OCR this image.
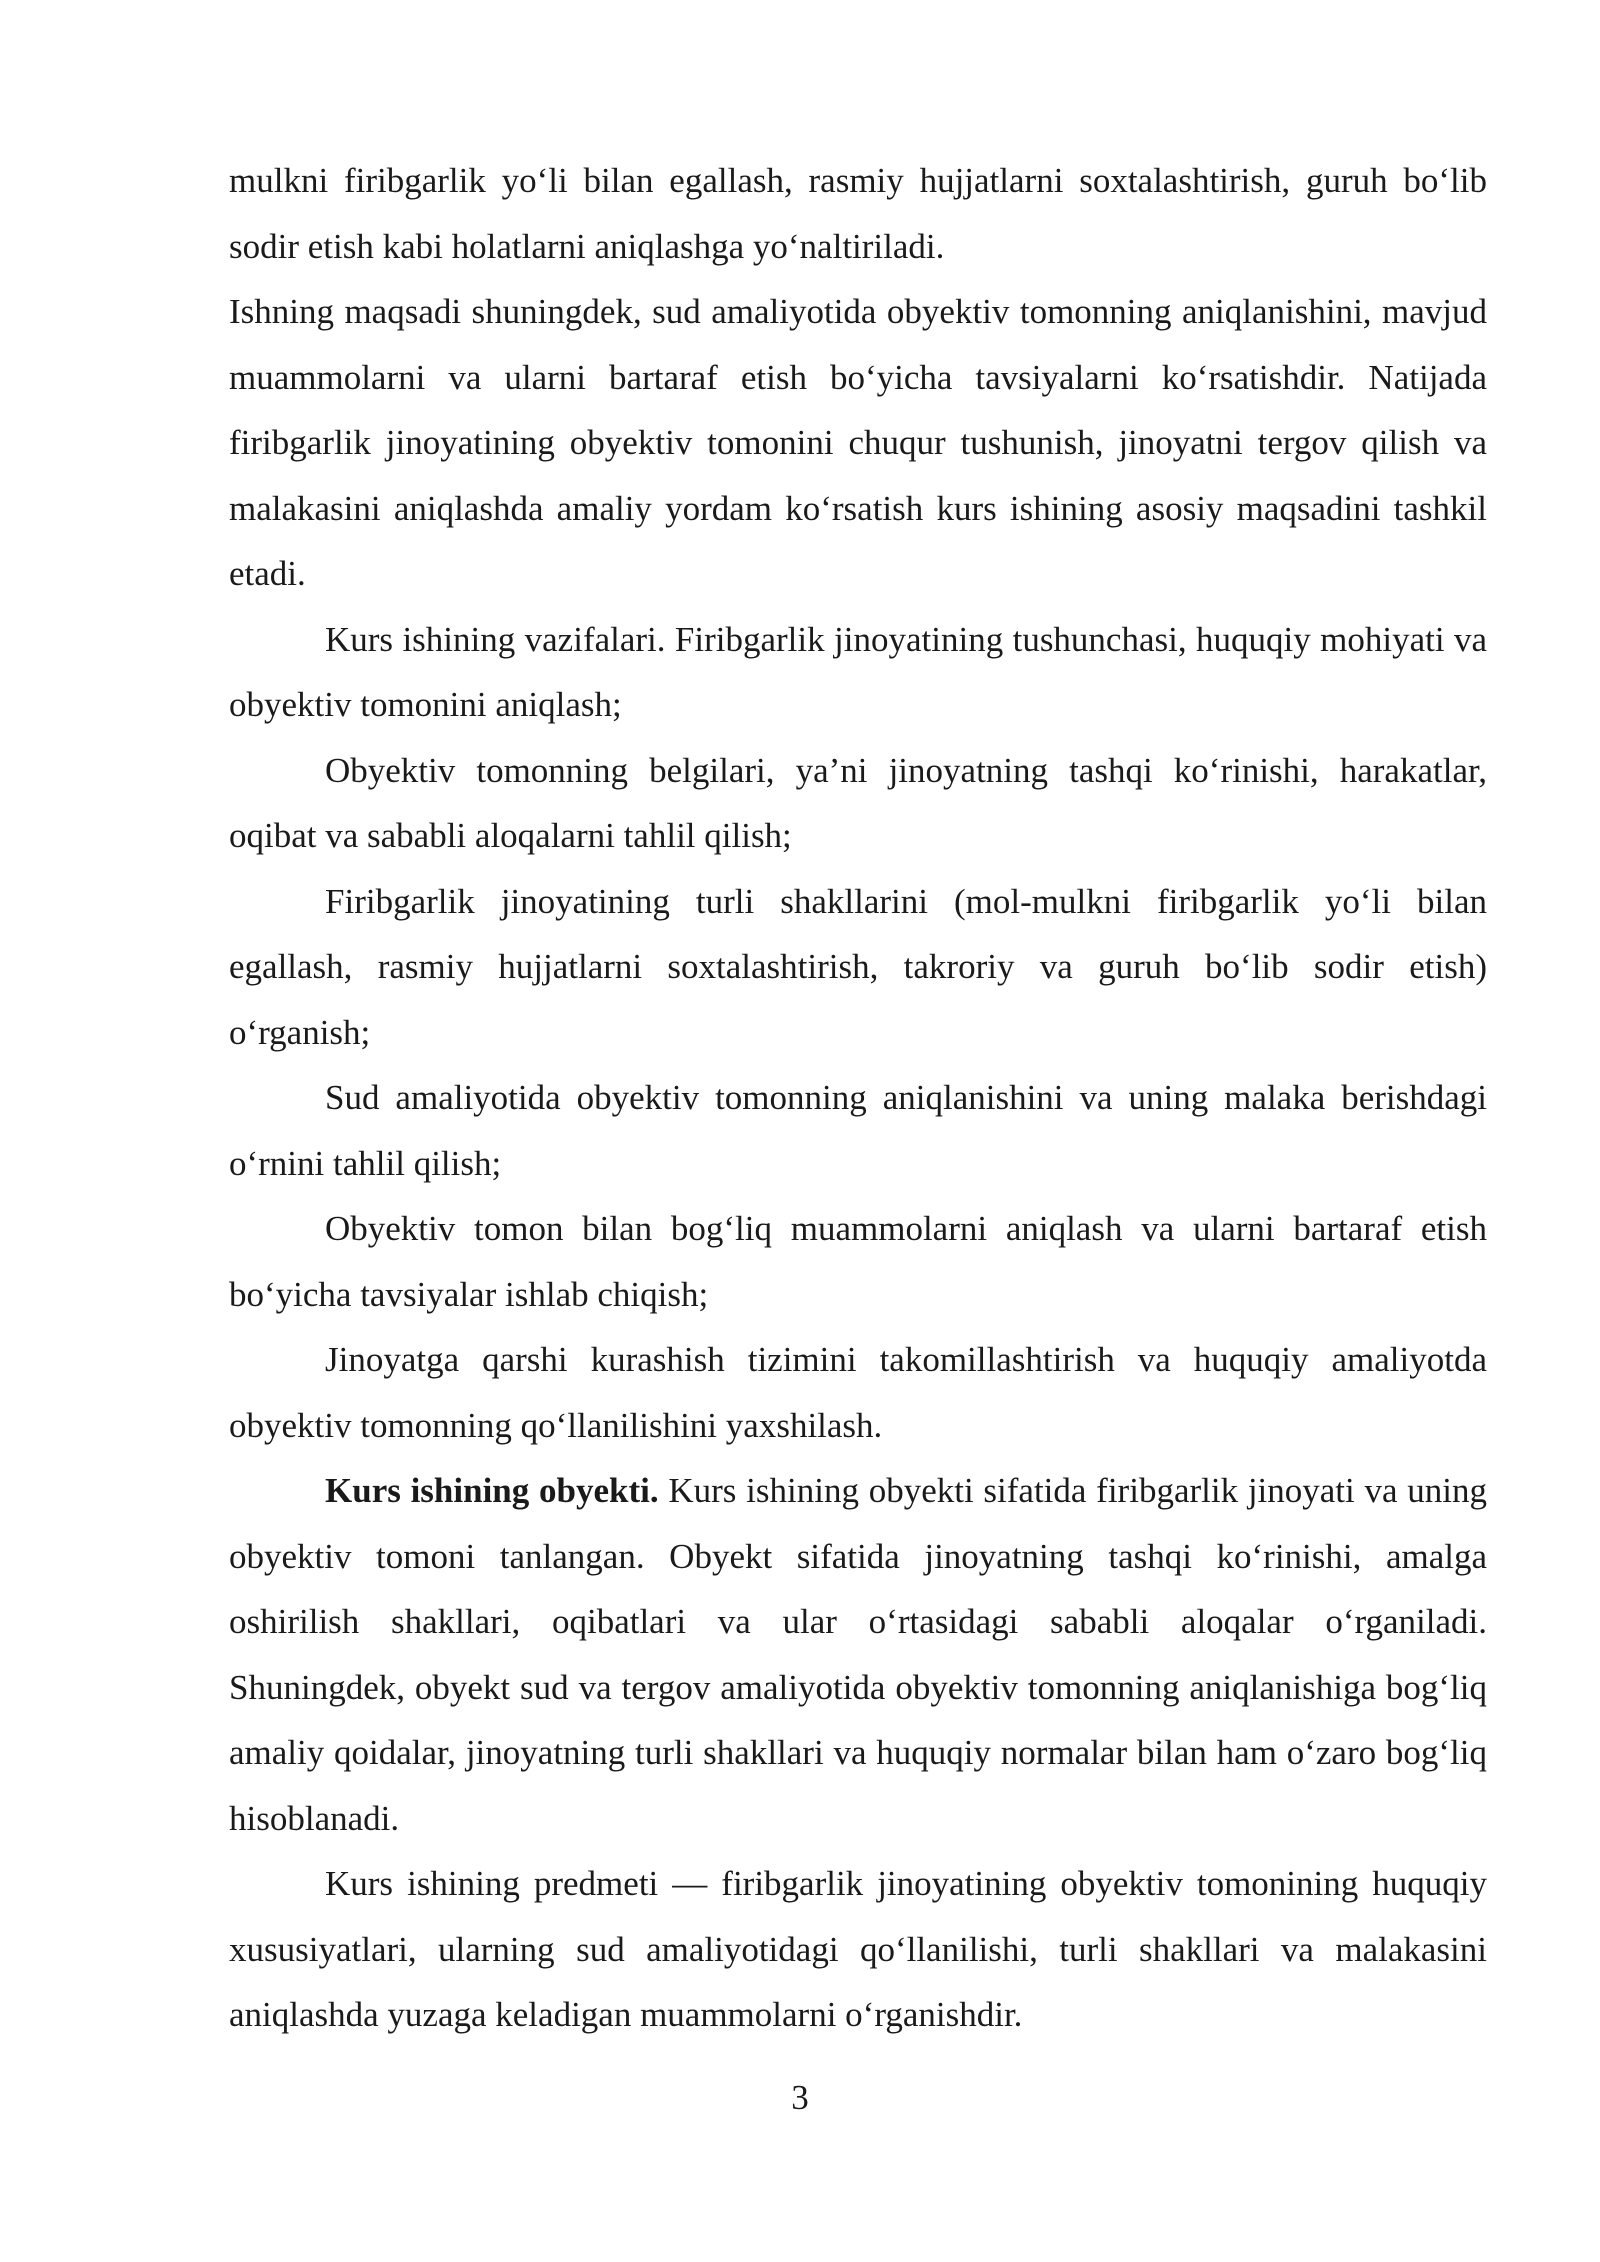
mulkni firibgarlik yo‘li bilan egallash, rasmiy hujjatlarni soxtalashtirish, guruh bo‘lib sodir etish kabi holatlarni aniqlashga yo‘naltiriladi.

Ishning maqsadi shuningdek, sud amaliyotida obyektiv tomonning aniqlanishini, mavjud muammolarni va ularni bartaraf etish bo‘yicha tavsiyalarni ko‘rsatishdir. Natijada firibgarlik jinoyatining obyektiv tomonini chuqur tushunish, jinoyatni tergov qilish va malakasini aniqlashda amaliy yordam ko‘rsatish kurs ishining asosiy maqsadini tashkil etadi.

Kurs ishining vazifalari. Firibgarlik jinoyatining tushunchasi, huquqiy mohiyati va obyektiv tomonini aniqlash;

Obyektiv tomonning belgilari, ya’ni jinoyatning tashqi ko‘rinishi, harakatlar, oqibat va sababli aloqalarni tahlil qilish;

Firibgarlik jinoyatining turli shakllarini (mol-mulkni firibgarlik yo‘li bilan egallash, rasmiy hujjatlarni soxtalashtirish, takroriy va guruh bo‘lib sodir etish) o‘rganish;

Sud amaliyotida obyektiv tomonning aniqlanishini va uning malaka berishdagi o‘rnini tahlil qilish;

Obyektiv tomon bilan bog‘liq muammolarni aniqlash va ularni bartaraf etish bo‘yicha tavsiyalar ishlab chiqish;

Jinoyatga qarshi kurashish tizimini takomillashtirish va huquqiy amaliyotda obyektiv tomonning qo‘llanilishini yaxshilash.

Kurs ishining obyekti. Kurs ishining obyekti sifatida firibgarlik jinoyati va uning obyektiv tomoni tanlangan. Obyekt sifatida jinoyatning tashqi ko‘rinishi, amalga oshirilish shakllari, oqibatlari va ular o‘rtasidagi sababli aloqalar o‘rganiladi. Shuningdek, obyekt sud va tergov amaliyotida obyektiv tomonning aniqlanishiga bog‘liq amaliy qoidalar, jinoyatning turli shakllari va huquqiy normalar bilan ham o‘zaro bog‘liq hisoblanadi.

Kurs ishining predmeti — firibgarlik jinoyatining obyektiv tomonining huquqiy xususiyatlari, ularning sud amaliyotidagi qo‘llanilishi, turli shakllari va malakasini aniqlashda yuzaga keladigan muammolarni o‘rganishdir.

3
